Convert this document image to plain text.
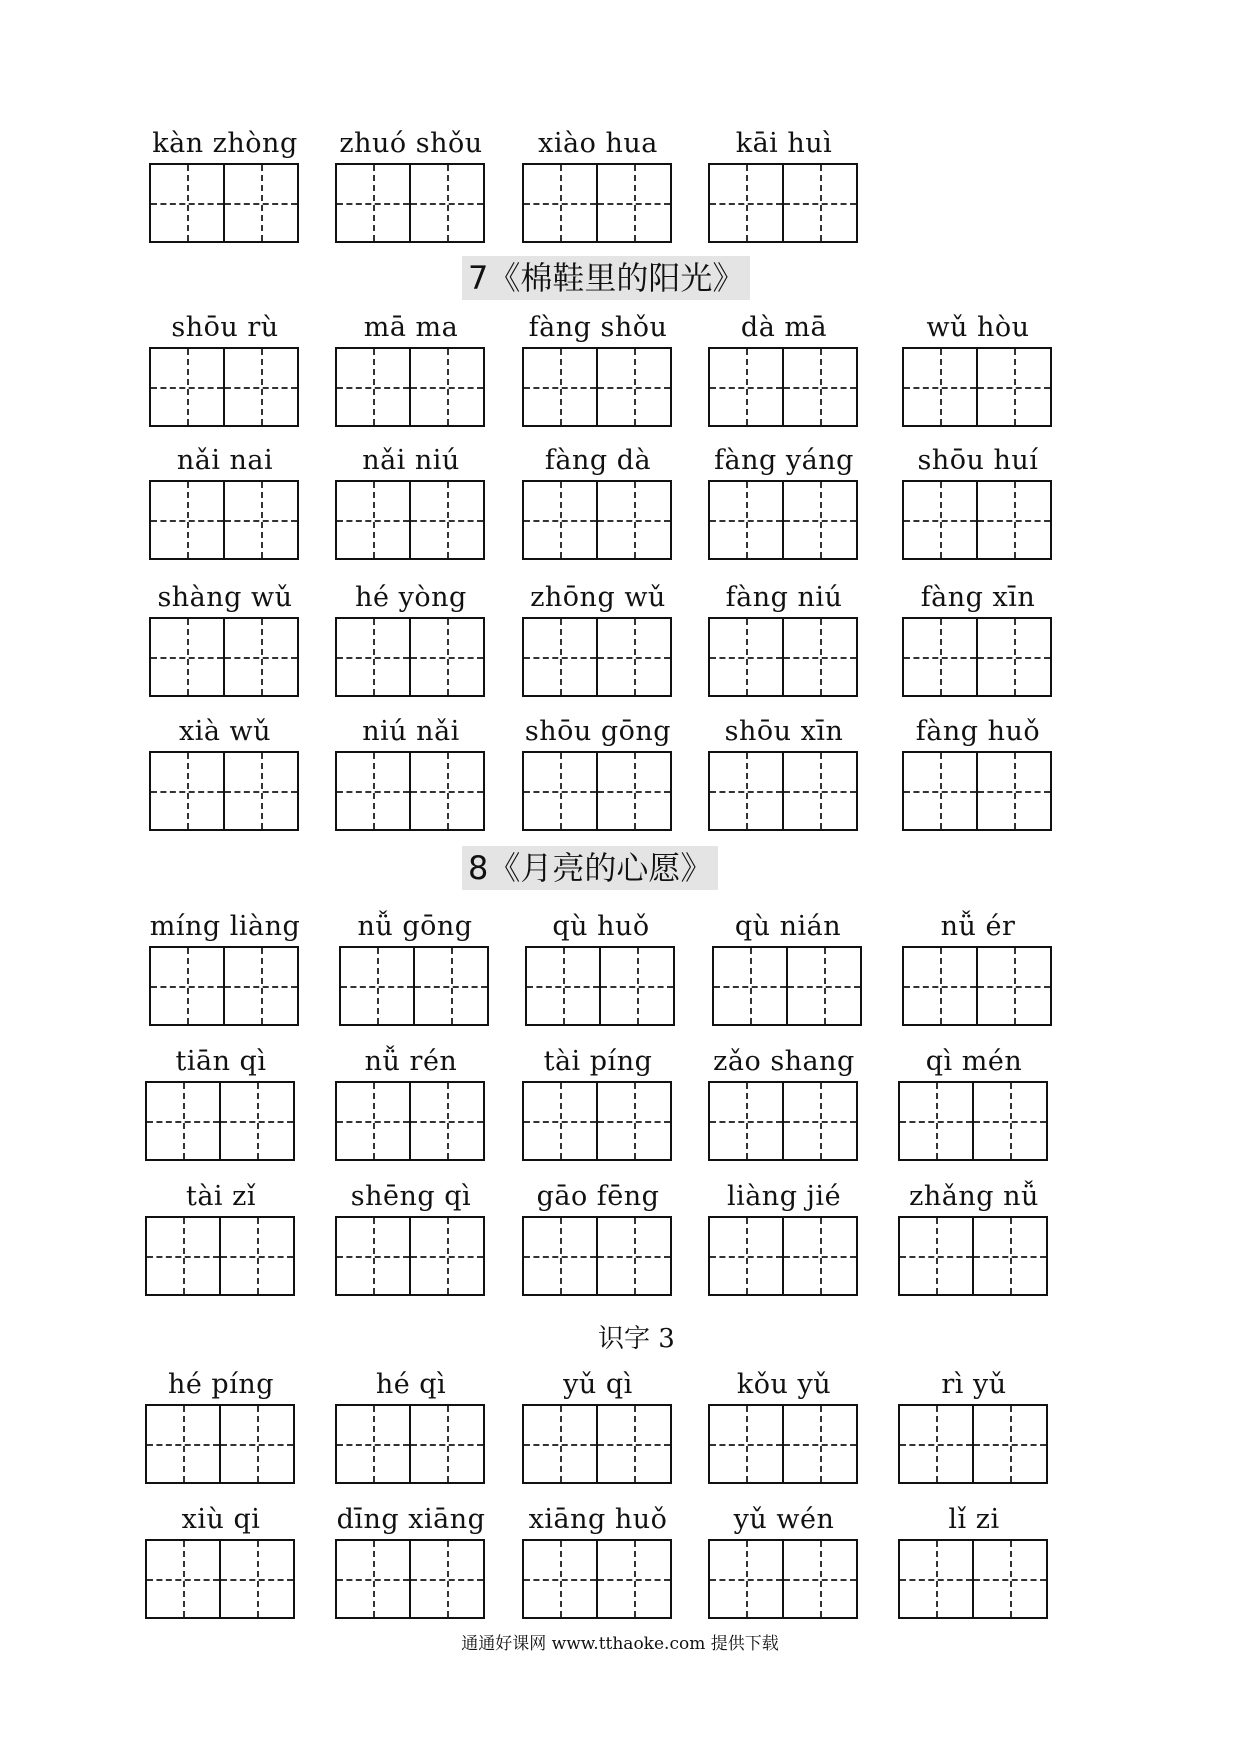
kàn zhòng	zhuó shǒu	xiào hua	kāi huì
7《棉鞋里的阳光》
shōu rù	mā ma	fàng shǒu	dà mā	wǔ hòu
nǎi nai	nǎi niú	fàng dà	fàng yáng	shōu huí
shàng wǔ	hé yòng	zhōng wǔ	fàng niú	fàng xīn
xià wǔ	niú nǎi	shōu gōng	shōu xīn	fàng huǒ
8《月亮的心愿》
míng liàng	nǚ gōng	qù huǒ	qù nián	nǚ ér
tiān qì	nǚ rén	tài píng	zǎo shang	qì mén
tài zǐ	shēng qì	gāo fēng	liàng jié	zhǎng nǚ
识字 3
hé píng	hé qì	yǔ qì	kǒu yǔ	rì yǔ
xiù qi	dīng xiāng	xiāng huǒ	yǔ wén	lǐ zi
通通好课网 www.tthaoke.com 提供下载
